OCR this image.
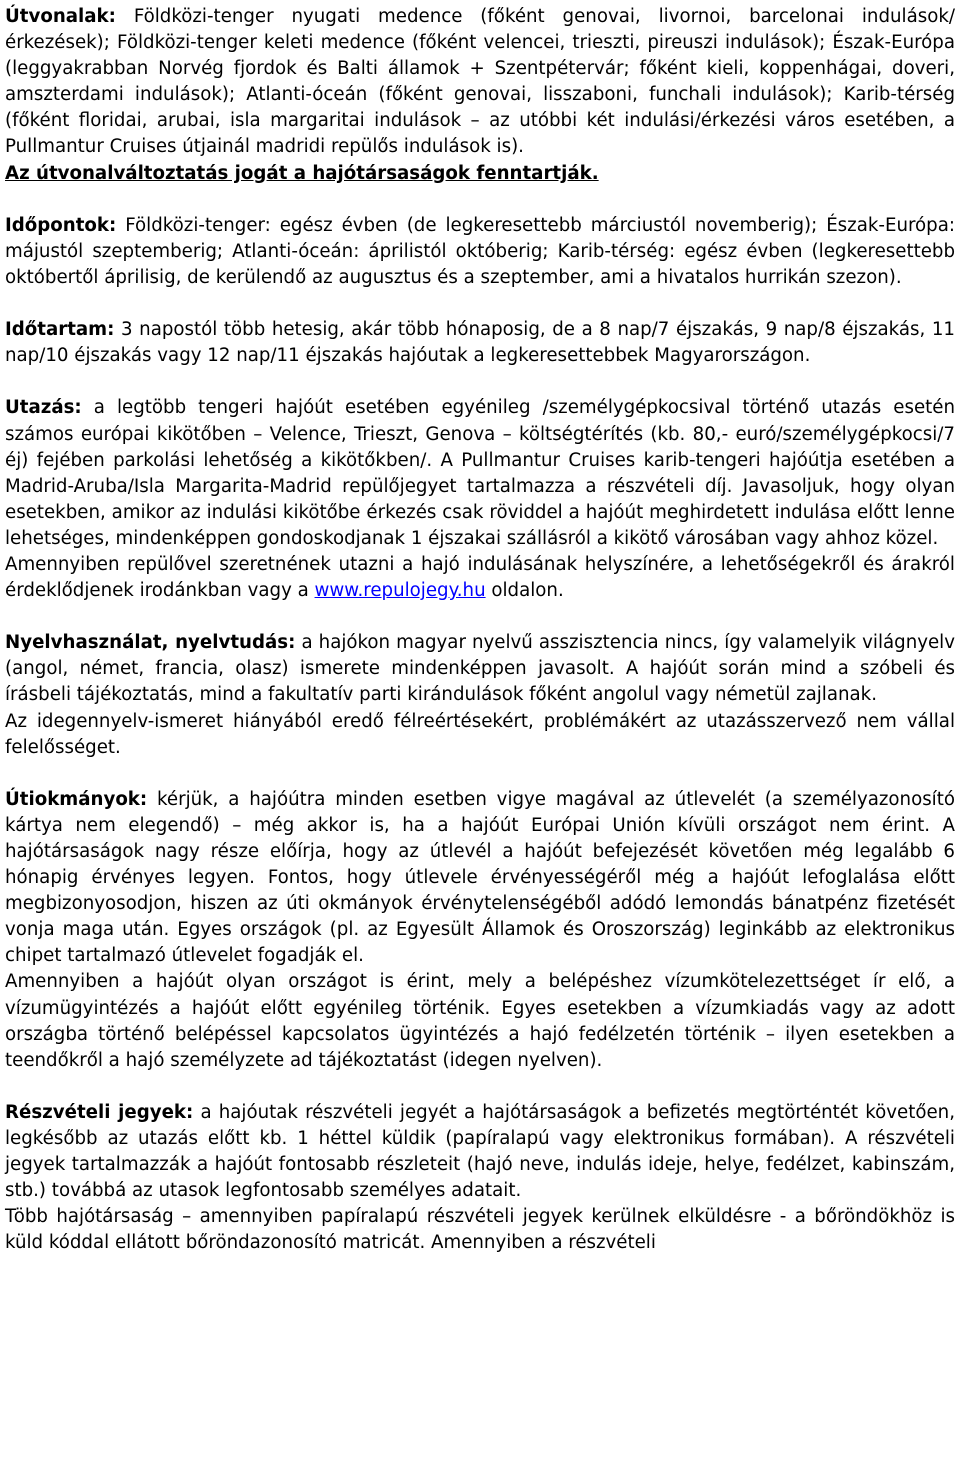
Útvonalak: Földközi-tenger nyugati medence (főként genovai, livornoi, barcelonai indulások/érkezések); Földközi-tenger keleti medence (főként velencei, trieszti, pireuszi indulások); Észak-Európa (leggyakrabban Norvég fjordok és Balti államok + Szentpétervár; főként kieli, koppenhágai, doveri, amszterdami indulások); Atlanti-óceán (főként genovai, lisszaboni, funchali indulások); Karib-térség (főként floridai, arubai, isla margaritai indulások – az utóbbi két indulási/érkezési város esetében, a Pullmantur Cruises útjainál madridi repülős indulások is).

Az útvonalváltoztatás jogát a hajótársaságok fenntartják.

Időpontok: Földközi-tenger: egész évben (de legkeresettebb márciustól novemberig); Észak-Európa: májustól szeptemberig; Atlanti-óceán: áprilistól októberig; Karib-térség: egész évben (legkeresettebb októbertől áprilisig, de kerülendő az augusztus és a szeptember, ami a hivatalos hurrikán szezon).

Időtartam: 3 napostól több hetesig, akár több hónaposig, de a 8 nap/7 éjszakás, 9 nap/8 éjszakás, 11 nap/10 éjszakás vagy 12 nap/11 éjszakás hajóutak a legkeresettebbek Magyarországon.

Utazás: a legtöbb tengeri hajóút esetében egyénileg /személygépkocsival történő utazás esetén számos európai kikötőben – Velence, Trieszt, Genova – költségtérítés (kb. 80,- euró/személygépkocsi/7 éj) fejében parkolási lehetőség a kikötőkben/. A Pullmantur Cruises karib-tengeri hajóútja esetében a Madrid-Aruba/Isla Margarita-Madrid repülőjegyet tartalmazza a részvételi díj. Javasoljuk, hogy olyan esetekben, amikor az indulási kikötőbe érkezés csak röviddel a hajóút meghirdetett indulása előtt lenne lehetséges, mindenképpen gondoskodjanak 1 éjszakai szállásról a kikötő városában vagy ahhoz közel.

Amennyiben repülővel szeretnének utazni a hajó indulásának helyszínére, a lehetőségekről és árakról érdeklődjenek irodánkban vagy a www.repulojegy.hu oldalon.

Nyelvhasználat, nyelvtudás: a hajókon magyar nyelvű asszisztencia nincs, így valamelyik világnyelv (angol, német, francia, olasz) ismerete mindenképpen javasolt. A hajóút során mind a szóbeli és írásbeli tájékoztatás, mind a fakultatív parti kirándulások főként angolul vagy németül zajlanak.

Az idegennyelv-ismeret hiányából eredő félreértésekért, problémákért az utazásszervező nem vállal felelősséget.

Útiokmányok: kérjük, a hajóútra minden esetben vigye magával az útlevelét (a személyazonosító kártya nem elegendő) – még akkor is, ha a hajóút Európai Unión kívüli országot nem érint. A hajótársaságok nagy része előírja, hogy az útlevél a hajóút befejezését követően még legalább 6 hónapig érvényes legyen. Fontos, hogy útlevele érvényességéről még a hajóút lefoglalása előtt megbizonyosodjon, hiszen az úti okmányok érvénytelenségéből adódó lemondás bánatpénz fizetését vonja maga után. Egyes országok (pl. az Egyesült Államok és Oroszország) leginkább az elektronikus chipet tartalmazó útlevelet fogadják el.

Amennyiben a hajóút olyan országot is érint, mely a belépéshez vízumkötelezettséget ír elő, a vízumügyintézés a hajóút előtt egyénileg történik. Egyes esetekben a vízumkiadás vagy az adott országba történő belépéssel kapcsolatos ügyintézés a hajó fedélzetén történik – ilyen esetekben a teendőkről a hajó személyzete ad tájékoztatást (idegen nyelven).

Részvételi jegyek: a hajóutak részvételi jegyét a hajótársaságok a befizetés megtörténtét követően, legkésőbb az utazás előtt kb. 1 héttel küldik (papíralapú vagy elektronikus formában). A részvételi jegyek tartalmazzák a hajóút fontosabb részleteit (hajó neve, indulás ideje, helye, fedélzet, kabinszám, stb.) továbbá az utasok legfontosabb személyes adatait.

Több hajótársaság – amennyiben papíralapú részvételi jegyek kerülnek elküldésre - a bőröndökhöz is küld kóddal ellátott bőröndazonosító matricát. Amennyiben a részvételi
